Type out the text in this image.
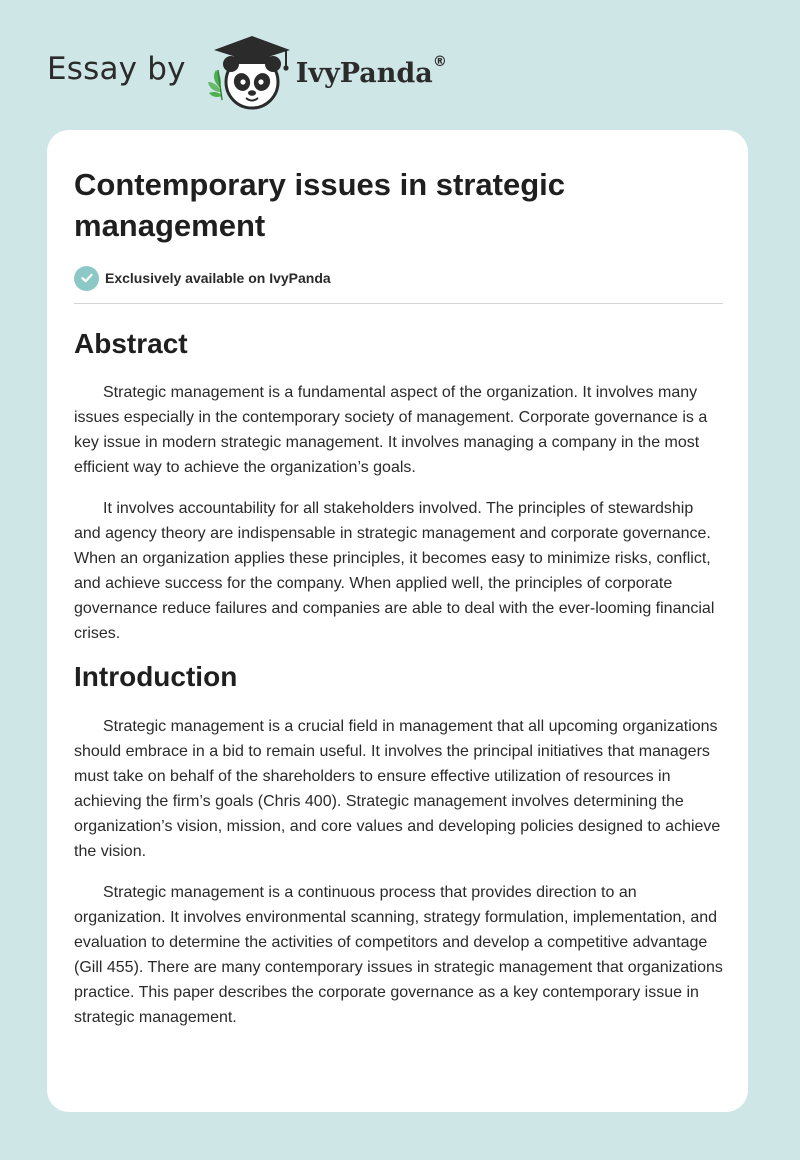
Essay by	IvyPanda®
Contemporary issues in strategic management
Exclusively available on IvyPanda
Abstract

Strategic management is a fundamental aspect of the organization. It involves many issues especially in the contemporary society of management. Corporate governance is a key issue in modern strategic management. It involves managing a company in the most efficient way to achieve the organization’s goals.

It involves accountability for all stakeholders involved. The principles of stewardship and agency theory are indispensable in strategic management and corporate governance. When an organization applies these principles, it becomes easy to minimize risks, conflict, and achieve success for the company. When applied well, the principles of corporate governance reduce failures and companies are able to deal with the ever-looming financial crises.

Introduction

Strategic management is a crucial field in management that all upcoming organizations should embrace in a bid to remain useful. It involves the principal initiatives that managers must take on behalf of the shareholders to ensure effective utilization of resources in achieving the firm’s goals (Chris 400). Strategic management involves determining the organization’s vision, mission, and core values and developing policies designed to achieve the vision.

Strategic management is a continuous process that provides direction to an organization. It involves environmental scanning, strategy formulation, implementation, and evaluation to determine the activities of competitors and develop a competitive advantage (Gill 455). There are many contemporary issues in strategic management that organizations practice. This paper describes the corporate governance as a key contemporary issue in strategic management.
